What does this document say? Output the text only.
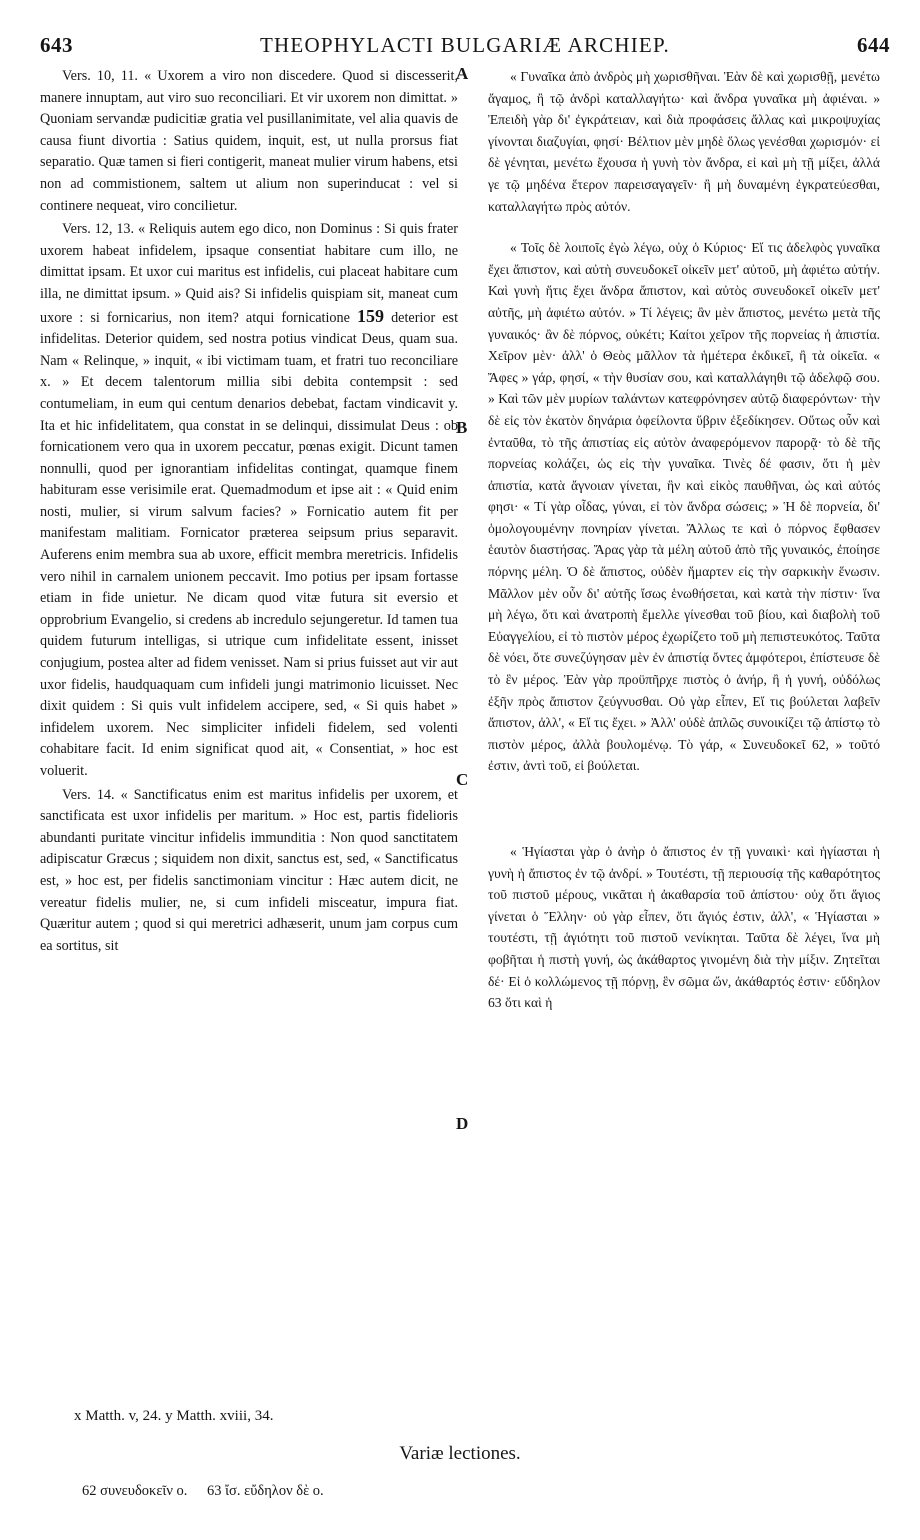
643	THEOPHYLACTI BULGARIÆ ARCHIEP.	644

Vers. 10, 11. « Uxorem a viro non discedere. Quod si discesserit, manere innuptam, aut viro suo reconciliari. Et vir uxorem non dimittat. » Quoniam servandæ pudicitiæ gratia vel pusillanimitate, vel alia quavis de causa fiunt divortia : Satius quidem, inquit, est, ut nulla prorsus fiat separatio. Quæ tamen si fieri contigerit, maneat mulier virum habens, etsi non ad commistionem, saltem ut alium non superinducat : vel si continere nequeat, viro concilietur.

Vers. 12, 13. « Reliquis autem ego dico, non Dominus : Si quis frater uxorem habeat infidelem, ipsaque consentiat habitare cum illo, ne dimittat ipsam. Et uxor cui maritus est infidelis, cui placeat habitare cum illa, ne dimittat ipsum. » Quid ais? Si infidelis quispiam sit, maneat cum uxore : si fornicarius, non item? atqui fornicatione 159 deterior est infidelitas. Deterior quidem, sed nostra potius vindicat Deus, quam sua. Nam « Relinque, » inquit, « ibi victimam tuam, et fratri tuo reconciliare x. » Et decem talentorum millia sibi debita contempsit : sed contumeliam, in eum qui centum denarios debebat, factam vindicavit y. Ita et hic infidelitatem, qua constat in se delinqui, dissimulat Deus : ob fornicationem vero qua in uxorem peccatur, pœnas exigit. Dicunt tamen nonnulli, quod per ignorantiam infidelitas contingat, quamque finem habituram esse verisimile erat. Quemadmodum et ipse ait : « Quid enim nosti, mulier, si virum salvum facies? » Fornicatio autem fit per manifestam malitiam. Fornicator præterea seipsum prius separavit. Auferens enim membra sua ab uxore, efficit membra meretricis. Infidelis vero nihil in carnalem unionem peccavit. Imo potius per ipsam fortasse etiam in fide unietur. Ne dicam quod vitæ futura sit eversio et opprobrium Evangelio, si credens ab incredulo sejungeretur. Id tamen tua quidem futurum intelligas, si utrique cum infidelitate essent, inisset conjugium, postea alter ad fidem venisset. Nam si prius fuisset aut vir aut uxor fidelis, haudquaquam cum infideli jungi matrimonio licuisset. Nec dixit quidem : Si quis vult infidelem accipere, sed, « Si quis habet » infidelem uxorem. Nec simpliciter infideli fidelem, sed volenti cohabitare facit. Id enim significat quod ait, « Consentiat, » hoc est voluerit.

Vers. 14. « Sanctificatus enim est maritus infidelis per uxorem, et sanctificata est uxor infidelis per maritum. » Hoc est, partis fidelioris abundanti puritate vincitur infidelis immunditia : Non quod sanctitatem adipiscatur Græcus ; siquidem non dixit, sanctus est, sed, « Sanctificatus est, » hoc est, per fidelis sanctimoniam vincitur : Hæc autem dicit, ne vereatur fidelis mulier, ne, si cum infideli misceatur, impura fiat. Quæritur autem ; quod si qui meretrici adhæserit, unum jam corpus cum ea sortitus, sit

A
B
C
D

« Γυναῖκα ἀπὸ ἀνδρὸς μὴ χωρισθῆναι. Ἐὰν δὲ καὶ χωρισθῇ, μενέτω ἄγαμος, ἢ τῷ ἀνδρὶ καταλλαγήτω· καὶ ἄνδρα γυναῖκα μὴ ἀφιέναι. » Ἐπειδὴ γὰρ δι' ἐγκράτειαν, καὶ διὰ προφάσεις ἄλλας καὶ μικροψυχίας γίνονται διαζυγίαι, φησί· Βέλτιον μὲν μηδὲ ὅλως γενέσθαι χωρισμόν· εἰ δὲ γένηται, μενέτω ἔχουσα ἡ γυνὴ τὸν ἄνδρα, εἰ καὶ μὴ τῇ μίξει, ἀλλά γε τῷ μηδένα ἕτερον παρεισαγαγεῖν· ἢ μὴ δυναμένη ἐγκρατεύεσθαι, καταλλαγήτω πρὸς αὐτόν.

« Τοῖς δὲ λοιποῖς ἐγὼ λέγω, οὐχ ὁ Κύριος· Εἴ τις ἀδελφὸς γυναῖκα ἔχει ἄπιστον, καὶ αὐτὴ συνευδοκεῖ οἰκεῖν μετ' αὐτοῦ, μὴ ἀφιέτω αὐτήν. Καὶ γυνὴ ἥτις ἔχει ἄνδρα ἄπιστον, καὶ αὐτὸς συνευδοκεῖ οἰκεῖν μετ' αὐτῆς, μὴ ἀφιέτω αὐτόν. » Τί λέγεις; ἂν μὲν ἄπιστος, μενέτω μετὰ τῆς γυναικός· ἂν δὲ πόρνος, οὐκέτι; Καίτοι χεῖρον τῆς πορνείας ἡ ἀπιστία. Χεῖρον μὲν· ἀλλ' ὁ Θεὸς μᾶλλον τὰ ἡμέτερα ἐκδικεῖ, ἢ τὰ οἰκεῖα. « Ἄφες » γάρ, φησί, « τὴν θυσίαν σου, καὶ καταλλάγηθι τῷ ἀδελφῷ σου. » Καὶ τῶν μὲν μυρίων ταλάντων κατεφρόνησεν αὐτῷ διαφερόντων· τὴν δὲ εἰς τὸν ἑκατὸν δηνάρια ὀφείλοντα ὕβριν ἐξεδίκησεν. Οὕτως οὖν καὶ ἐνταῦθα, τὸ τῆς ἀπιστίας εἰς αὐτὸν ἀναφερόμενον παρορᾷ· τὸ δὲ τῆς πορνείας κολάζει, ὡς εἰς τὴν γυναῖκα. Τινὲς δέ φασιν, ὅτι ἡ μὲν ἀπιστία, κατὰ ἄγνοιαν γίνεται, ἣν καὶ εἰκὸς παυθῆναι, ὡς καὶ αὐτός φησι· « Τί γὰρ οἶδας, γύναι, εἰ τὸν ἄνδρα σώσεις; » Ἡ δὲ πορνεία, δι' ὁμολογουμένην πονηρίαν γίνεται. Ἄλλως τε καὶ ὁ πόρνος ἔφθασεν ἑαυτὸν διαστήσας. Ἄρας γὰρ τὰ μέλη αὐτοῦ ἀπὸ τῆς γυναικός, ἐποίησε πόρνης μέλη. Ὁ δὲ ἄπιστος, οὐδὲν ἥμαρτεν εἰς τὴν σαρκικὴν ἕνωσιν. Μᾶλλον μὲν οὖν δι' αὐτῆς ἴσως ἑνωθήσεται, καὶ κατὰ τὴν πίστιν· ἵνα μὴ λέγω, ὅτι καὶ ἀνατροπὴ ἔμελλε γίνεσθαι τοῦ βίου, καὶ διαβολὴ τοῦ Εὐαγγελίου, εἰ τὸ πιστὸν μέρος ἐχωρίζετο τοῦ μὴ πεπιστευκότος. Ταῦτα δὲ νόει, ὅτε συνεζύγησαν μὲν ἐν ἀπιστίᾳ ὄντες ἀμφότεροι, ἐπίστευσε δὲ τὸ ἓν μέρος. Ἐὰν γὰρ προϋπῆρχε πιστὸς ὁ ἀνήρ, ἢ ἡ γυνή, οὐδόλως ἐξῆν πρὸς ἄπιστον ζεύγνυσθαι. Οὐ γὰρ εἶπεν, Εἴ τις βούλεται λαβεῖν ἄπιστον, ἀλλ', « Εἴ τις ἔχει. » Ἀλλ' οὐδὲ ἁπλῶς συνοικίζει τῷ ἀπίστῳ τὸ πιστὸν μέρος, ἀλλὰ βουλομένῳ. Τὸ γάρ, « Συνευδοκεῖ 62, » τοῦτό ἐστιν, ἀντὶ τοῦ, εἰ βούλεται.

« Ἡγίασται γὰρ ὁ ἀνὴρ ὁ ἄπιστος ἐν τῇ γυναικὶ· καὶ ἡγίασται ἡ γυνὴ ἡ ἄπιστος ἐν τῷ ἀνδρί. » Τουτέστι, τῇ περιουσίᾳ τῆς καθαρότητος τοῦ πιστοῦ μέρους, νικᾶται ἡ ἀκαθαρσία τοῦ ἀπίστου· οὐχ ὅτι ἅγιος γίνεται ὁ Ἕλλην· οὐ γὰρ εἶπεν, ὅτι ἅγιός ἐστιν, ἀλλ', « Ἡγίασται » τουτέστι, τῇ ἁγιότητι τοῦ πιστοῦ νενίκηται. Ταῦτα δὲ λέγει, ἵνα μὴ φοβῆται ἡ πιστὴ γυνή, ὡς ἀκάθαρτος γινομένη διὰ τὴν μίξιν. Ζητεῖται δέ· Εἰ ὁ κολλώμενος τῇ πόρνῃ, ἓν σῶμα ὤν, ἀκάθαρτός ἐστιν· εὔδηλον 63 ὅτι καὶ ἡ

x Matth. v, 24. y Matth. xviii, 34.
Variæ lectiones.
62 συνευδοκεῖν ο. 63 ἴσ. εὔδηλον δὲ ο.
